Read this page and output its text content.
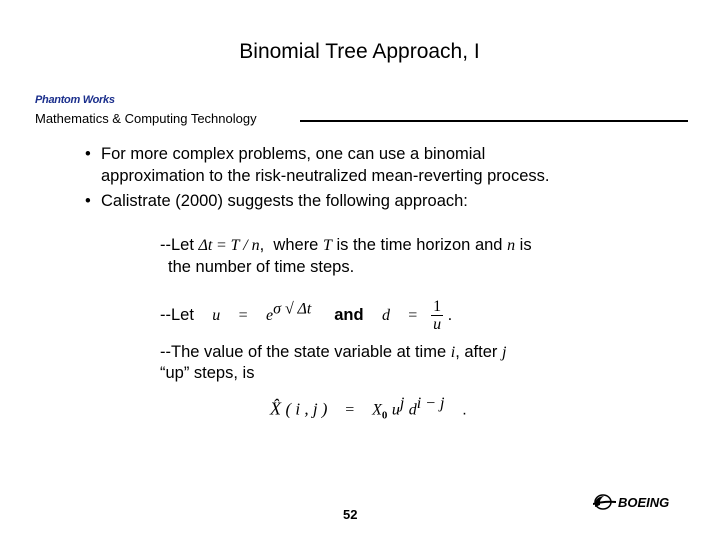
Binomial Tree Approach, I
Phantom Works
Mathematics & Computing Technology
• For more complex problems, one can use a binomial
approximation to the risk-neutralized mean-reverting process.
• Calistrate (2000) suggests the following approach:
--Let Δt = T / n, where T is the time horizon and n is
the number of time steps.
--Let $u = e^{\sigma √ \Delta t}$ and $d = \frac{1}{u}$ .
--The value of the state variable at time i, after j
“up” steps, is
X̂ ( i , j ) = $X_0$ $u^j$ $d^{i - j}$ .
52
BOEING
